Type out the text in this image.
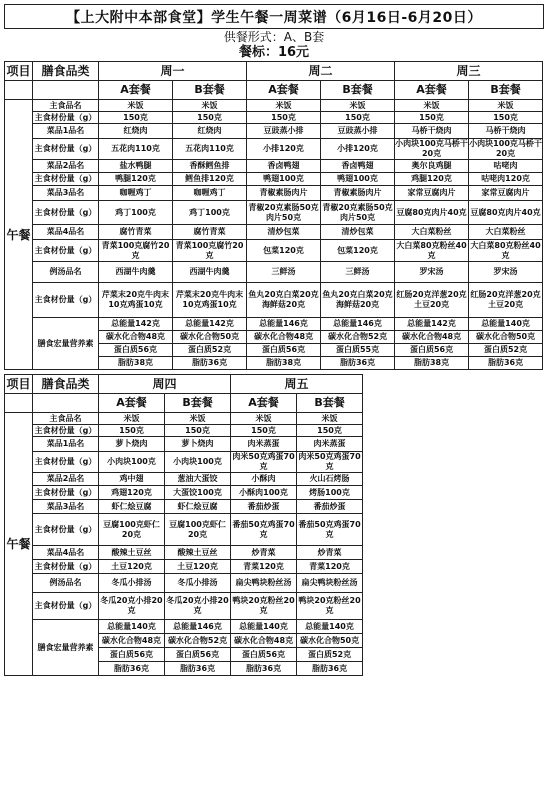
【上大附中本部食堂】学生午餐一周菜谱（6月16日-6月20日）
供餐形式：A、B套
餐标：16元
项目	膳食品类	周一		周二		周三	
		A套餐	B套餐	A套餐	B套餐	A套餐	B套餐
午餐	主食品名	米饭	米饭	米饭	米饭	米饭	米饭
	主食材份量（g）	150克	150克	150克	150克	150克	150克
	菜品1品名	红烧肉	红烧肉	豆豉蒸小排	豆豉蒸小排	马桥干烧肉	马桥干烧肉
	主食材份量（g）	五花肉110克	五花肉110克	小排120克	小排120克	小肉块100克马桥干20克	小肉块100克马桥干20克
	菜品2品名	盐水鸭腿	香酥鳕鱼排	香卤鸭翅	香卤鸭翅	奥尔良鸡腿	咕咾肉
	主食材份量（g）	鸭腿120克	鳕鱼排120克	鸭翅100克	鸭翅100克	鸡腿120克	咕咾肉120克
	菜品3品名	咖喱鸡丁	咖喱鸡丁	青椒素肠肉片	青椒素肠肉片	家常豆腐肉片	家常豆腐肉片
	主食材份量（g）	鸡丁100克	鸡丁100克	青椒20克素肠50克肉片50克	青椒20克素肠50克肉片50克	豆腐80克肉片40克	豆腐80克肉片40克
	菜品4品名	腐竹青菜	腐竹青菜	清炒包菜	清炒包菜	大白菜粉丝	大白菜粉丝
	主食材份量（g）	青菜100克腐竹20克	青菜100克腐竹20克	包菜120克	包菜120克	大白菜80克粉丝40克	大白菜80克粉丝40克
	例汤品名	西湖牛肉羹	西湖牛肉羹	三鲜汤	三鲜汤	罗宋汤	罗宋汤
	主食材份量（g）	芹菜末20克牛肉末10克鸡蛋10克	芹菜末20克牛肉末10克鸡蛋10克	鱼丸20克白菜20克海鲜菇20克	鱼丸20克白菜20克海鲜菇20克	红肠20克洋葱20克土豆20克	红肠20克洋葱20克土豆20克
	膳食宏量营养素	总能量142克	总能量142克	总能量146克	总能量146克	总能量142克	总能量140克
		碳水化合物48克	碳水化合物50克	碳水化合物48克	碳水化合物52克	碳水化合物48克	碳水化合物50克
		蛋白质56克	蛋白质52克	蛋白质56克	蛋白质55克	蛋白质56克	蛋白质52克
		脂肪38克	脂肪36克	脂肪38克	脂肪36克	脂肪38克	脂肪36克
项目	膳食品类	周四		周五	
		A套餐	B套餐	A套餐	B套餐
午餐	主食品名	米饭	米饭	米饭	米饭
	主食材份量（g）	150克	150克	150克	150克
	菜品1品名	萝卜烧肉	萝卜烧肉	肉米蒸蛋	肉米蒸蛋
	主食材份量（g）	小肉块100克	小肉块100克	肉米50克鸡蛋70克	肉米50克鸡蛋70克
	菜品2品名	鸡中翅	葱油大蛋饺	小酥肉	火山石烤肠
	主食材份量（g）	鸡翅120克	大蛋饺100克	小酥肉100克	烤肠100克
	菜品3品名	虾仁烩豆腐	虾仁烩豆腐	番茄炒蛋	番茄炒蛋
	主食材份量（g）	豆腐100克虾仁20克	豆腐100克虾仁20克	番茄50克鸡蛋70克	番茄50克鸡蛋70克
	菜品4品名	酸辣土豆丝	酸辣土豆丝	炒青菜	炒青菜
	主食材份量（g）	土豆120克	土豆120克	青菜120克	青菜120克
	例汤品名	冬瓜小排汤	冬瓜小排汤	扁尖鸭块粉丝汤	扁尖鸭块粉丝汤
	主食材份量（g）	冬瓜20克小排20克	冬瓜20克小排20克	鸭块20克粉丝20克	鸭块20克粉丝20克
	膳食宏量营养素	总能量140克	总能量146克	总能量140克	总能量140克
		碳水化合物48克	碳水化合物52克	碳水化合物48克	碳水化合物50克
		蛋白质56克	蛋白质56克	蛋白质56克	蛋白质52克
		脂肪36克	脂肪36克	脂肪36克	脂肪36克
